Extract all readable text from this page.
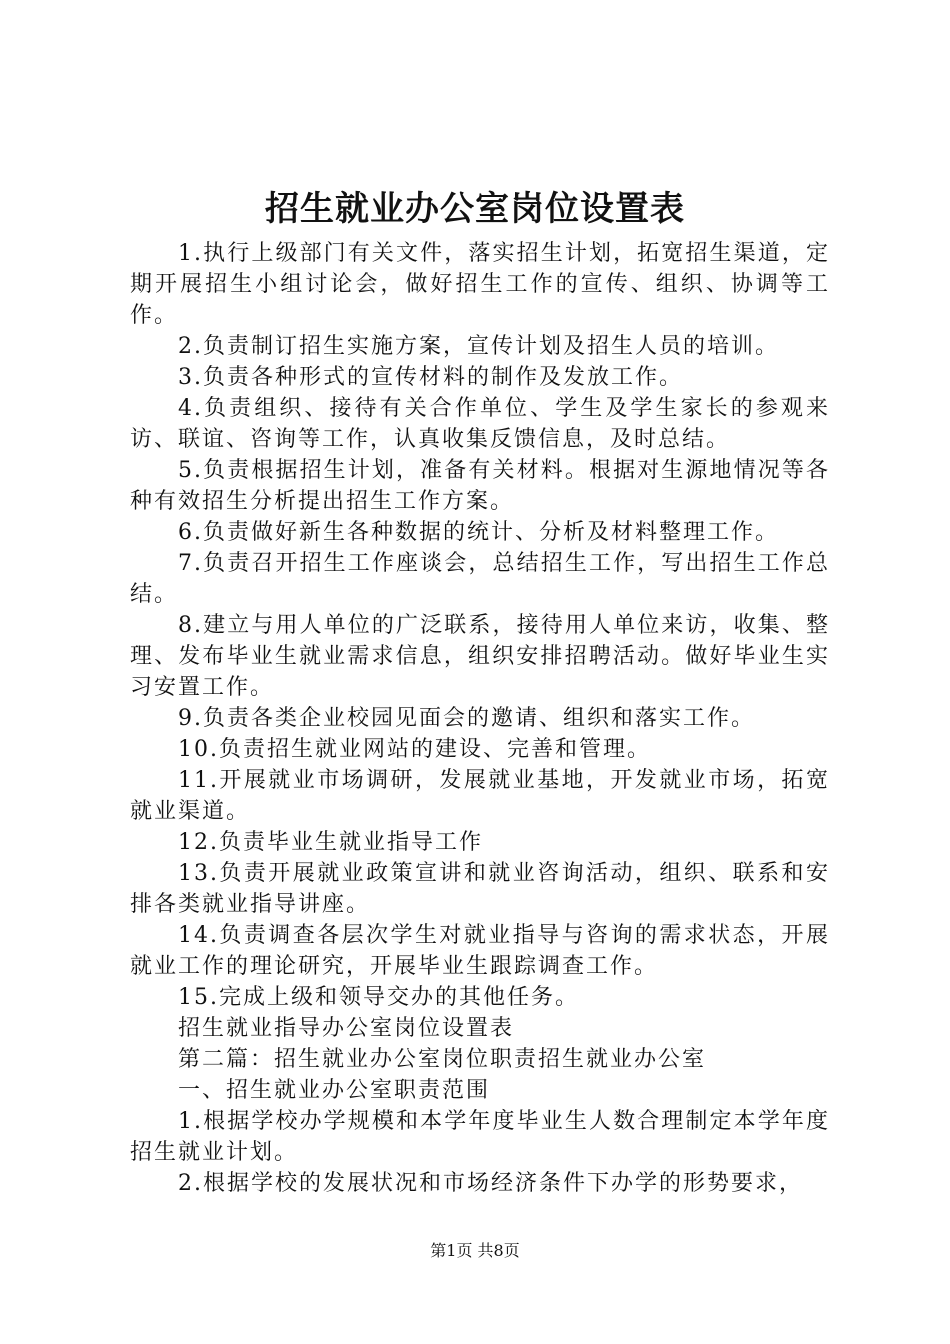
招生就业办公室岗位设置表

1.执行上级部门有关文件，落实招生计划，拓宽招生渠道，定期开展招生小组讨论会，做好招生工作的宣传、组织、协调等工作。

2.负责制订招生实施方案，宣传计划及招生人员的培训。

3.负责各种形式的宣传材料的制作及发放工作。

4.负责组织、接待有关合作单位、学生及学生家长的参观来访、联谊、咨询等工作，认真收集反馈信息，及时总结。

5.负责根据招生计划，准备有关材料。根据对生源地情况等各种有效招生分析提出招生工作方案。

6.负责做好新生各种数据的统计、分析及材料整理工作。

7.负责召开招生工作座谈会，总结招生工作，写出招生工作总结。

8.建立与用人单位的广泛联系，接待用人单位来访，收集、整理、发布毕业生就业需求信息，组织安排招聘活动。做好毕业生实习安置工作。

9.负责各类企业校园见面会的邀请、组织和落实工作。

10.负责招生就业网站的建设、完善和管理。

11.开展就业市场调研，发展就业基地，开发就业市场，拓宽就业渠道。

12.负责毕业生就业指导工作

13.负责开展就业政策宣讲和就业咨询活动，组织、联系和安排各类就业指导讲座。

14.负责调查各层次学生对就业指导与咨询的需求状态，开展就业工作的理论研究，开展毕业生跟踪调查工作。

15.完成上级和领导交办的其他任务。

招生就业指导办公室岗位设置表

第二篇：招生就业办公室岗位职责招生就业办公室

一、招生就业办公室职责范围

1.根据学校办学规模和本学年度毕业生人数合理制定本学年度招生就业计划。

2.根据学校的发展状况和市场经济条件下办学的形势要求，

第1页 共8页
